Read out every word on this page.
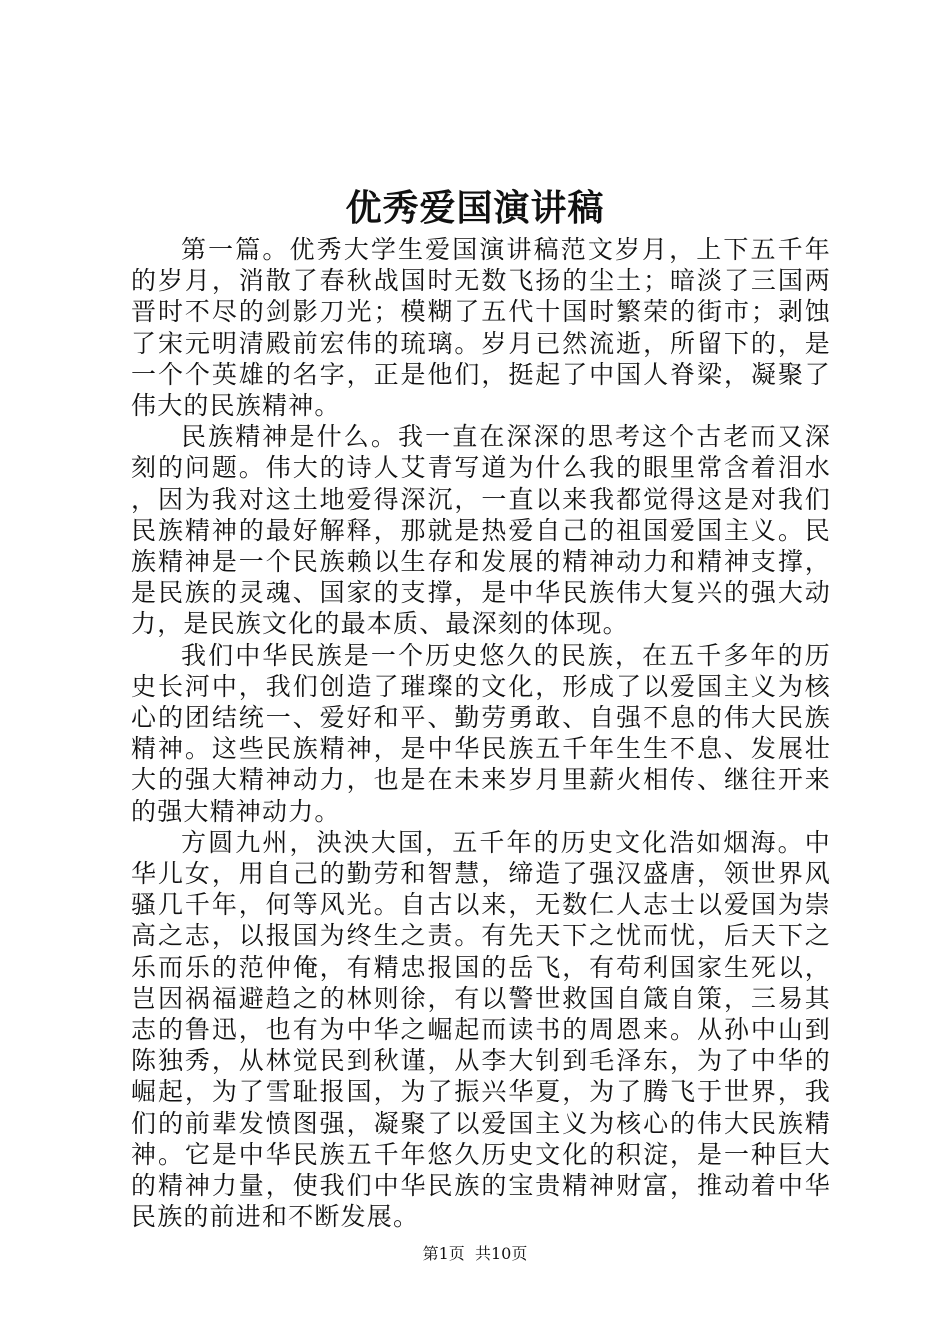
优秀爱国演讲稿

第一篇。优秀大学生爱国演讲稿范文岁月，上下五千年的岁月，消散了春秋战国时无数飞扬的尘土；暗淡了三国两晋时不尽的剑影刀光；模糊了五代十国时繁荣的街市；剥蚀了宋元明清殿前宏伟的琉璃。岁月已然流逝，所留下的，是一个个英雄的名字，正是他们，挺起了中国人脊梁，凝聚了伟大的民族精神。

民族精神是什么。我一直在深深的思考这个古老而又深刻的问题。伟大的诗人艾青写道为什么我的眼里常含着泪水，因为我对这土地爱得深沉，一直以来我都觉得这是对我们民族精神的最好解释，那就是热爱自己的祖国爱国主义。民族精神是一个民族赖以生存和发展的精神动力和精神支撑，是民族的灵魂、国家的支撑，是中华民族伟大复兴的强大动力，是民族文化的最本质、最深刻的体现。

我们中华民族是一个历史悠久的民族，在五千多年的历史长河中，我们创造了璀璨的文化，形成了以爱国主义为核心的团结统一、爱好和平、勤劳勇敢、自强不息的伟大民族精神。这些民族精神，是中华民族五千年生生不息、发展壮大的强大精神动力，也是在未来岁月里薪火相传、继往开来的强大精神动力。

方圆九州，泱泱大国，五千年的历史文化浩如烟海。中华儿女，用自己的勤劳和智慧，缔造了强汉盛唐，领世界风骚几千年，何等风光。自古以来，无数仁人志士以爱国为崇高之志，以报国为终生之责。有先天下之忧而忧，后天下之乐而乐的范仲俺，有精忠报国的岳飞，有苟利国家生死以，岂因祸福避趋之的林则徐，有以警世救国自箴自策，三易其志的鲁迅，也有为中华之崛起而读书的周恩来。从孙中山到陈独秀，从林觉民到秋谨，从李大钊到毛泽东，为了中华的崛起，为了雪耻报国，为了振兴华夏，为了腾飞于世界，我们的前辈发愤图强，凝聚了以爱国主义为核心的伟大民族精神。它是中华民族五千年悠久历史文化的积淀，是一种巨大的精神力量，使我们中华民族的宝贵精神财富，推动着中华民族的前进和不断发展。

第1页 共10页
